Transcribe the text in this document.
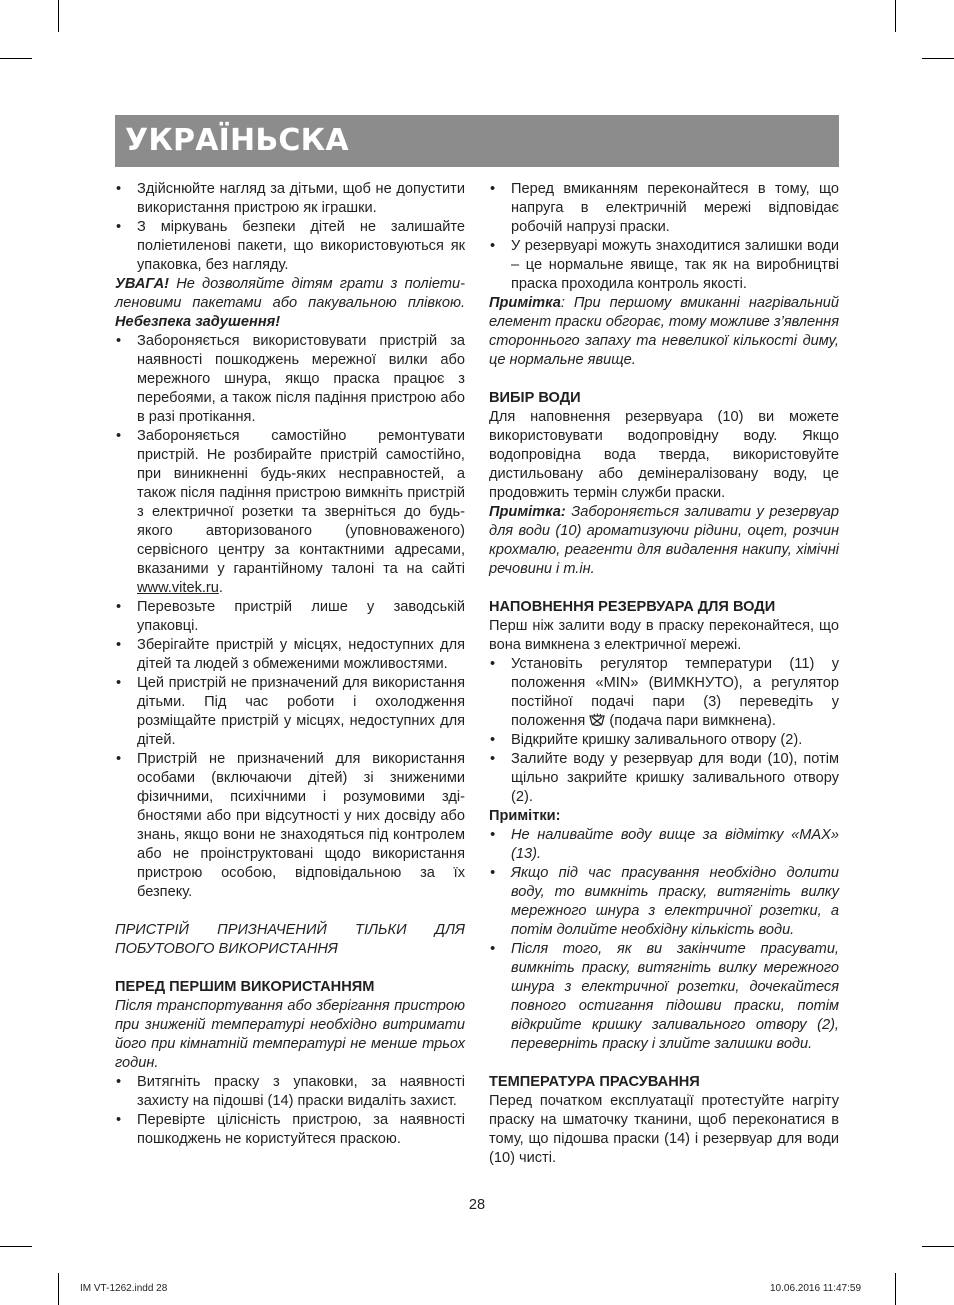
УКРАЇНЬСКА
• Здійснюйте нагляд за дітьми, щоб не допустити використання пристрою як іграшки.
• З міркувань безпеки дітей не залишайте поліетиленові пакети, що використовуються як упаковка, без нагляду.

УВАГА! Не дозволяйте дітям грати з поліетиленовими пакетами або пакувальною плівкою. Небезпека задушення!

• Забороняється використовувати пристрій за наявності пошкоджень мережної вилки або мережного шнура, якщо праска працює з перебоями, а також після падіння пристрою або в разі протікання.
• Забороняється самостійно ремонтувати пристрій. Не розбирайте пристрій самостійно, при виникненні будь-яких неспрaвностей, а також після падіння пристрою вимкніть пристрій з електричної розетки та зверніться до будь-якого авторизованого (уповноваженого) сервісного центру за контактними адресами, вказаними у гарантійному талоні та на сайті www.vitek.ru.
• Перевозьте пристрій лише у заводській упаковці.
• Зберігайте пристрій у місцях, недоступних для дітей та людей з обмеженими можливостями.
• Цей пристрій не призначений для використання дітьми. Під час роботи і охолодження розміщайте пристрій у місцях, недоступних для дітей.
• Пристрій не призначений для використання особами (включаючи дітей) зі зниженими фізичними, психічними і розумовими здібностями або при відсутності у них досвіду або знань, якщо вони не знаходяться під контролем або не проінструктовані щодо використання пристрою особою, відповідальною за їх безпеку.

ПРИСТРІЙ ПРИЗНАЧЕНИЙ ТІЛЬКИ ДЛЯ ПОБУТОВОГО ВИКОРИСТАННЯ

ПЕРЕД ПЕРШИМ ВИКОРИСТАННЯМ

Після транспортування або зберігання пристрою при зниженій температурі необхідно витримати його при кімнатній температурі не менше трьох годин.

• Витягніть праску з упаковки, за наявності захисту на підошві (14) праски видаліть захист.
• Перевірте цілісність пристрою, за наявності пошкоджень не користуйтеся праскою.
• Перед вмиканням переконайтеся в тому, що напруга в електричній мережі відповідає робочій напрузі праски.
• У резервуарі можуть знаходитися залишки води – це нормальне явище, так як на виробництві праска проходила контроль якості.

Примітка: При першому вмиканні нагрівальний елемент праски обгорає, тому можливе з’явлення стороннього запаху та невеликої кількості диму, це нормальне явище.

ВИБІР ВОДИ

Для наповнення резервуара (10) ви можете використовувати водопровідну воду. Якщо водопровідна вода тверда, використовуйте дистильовану або демінералізовану воду, це продовжить термін служби праски.

Примітка: Забороняється заливати у резервуар для води (10) ароматизуючи рідини, оцет, розчин крохмалю, реагенти для видалення накипу, хімічні речовини і т.ін.

НАПОВНЕННЯ РЕЗЕРВУАРА ДЛЯ ВОДИ

Перш ніж залити воду в праску переконайтеся, що вона вимкнена з електричної мережі.

• Установіть регулятор температури (11) у положення «MIN» (ВИМКНУТО), а регулятор постійної подачі пари (3) переведіть у положення  (подача пари вимкнена).
• Відкрийте кришку заливального отвору (2).
• Залийте воду у резервуар для води (10), потім щільно закрийте кришку заливального отвору (2).

Примітки:

• Не наливайте воду вище за відмітку «MAX» (13).
• Якщо під час прасування необхідно долити воду, то вимкніть праску, витягніть вилку мережного шнура з електричної розетки, а потім долийте необхідну кількість води.
• Після того, як ви закінчите прасувати, вимкніть праску, витягніть вилку мережного шнура з електричної розетки, дочекайтеся повного остигання підошви праски, потім відкрийте кришку заливального отвору (2), переверніть праску і злийте залишки води.
ТЕМПЕРАТУРА ПРАСУВАННЯ

Перед початком експлуатації протестуйте нагріту праску на шматочку тканини, щоб переконатися в тому, що підошва праски (14) і резервуар для води (10) чисті.

28
IM VT-1262.indd 28	10.06.2016 11:47:59
